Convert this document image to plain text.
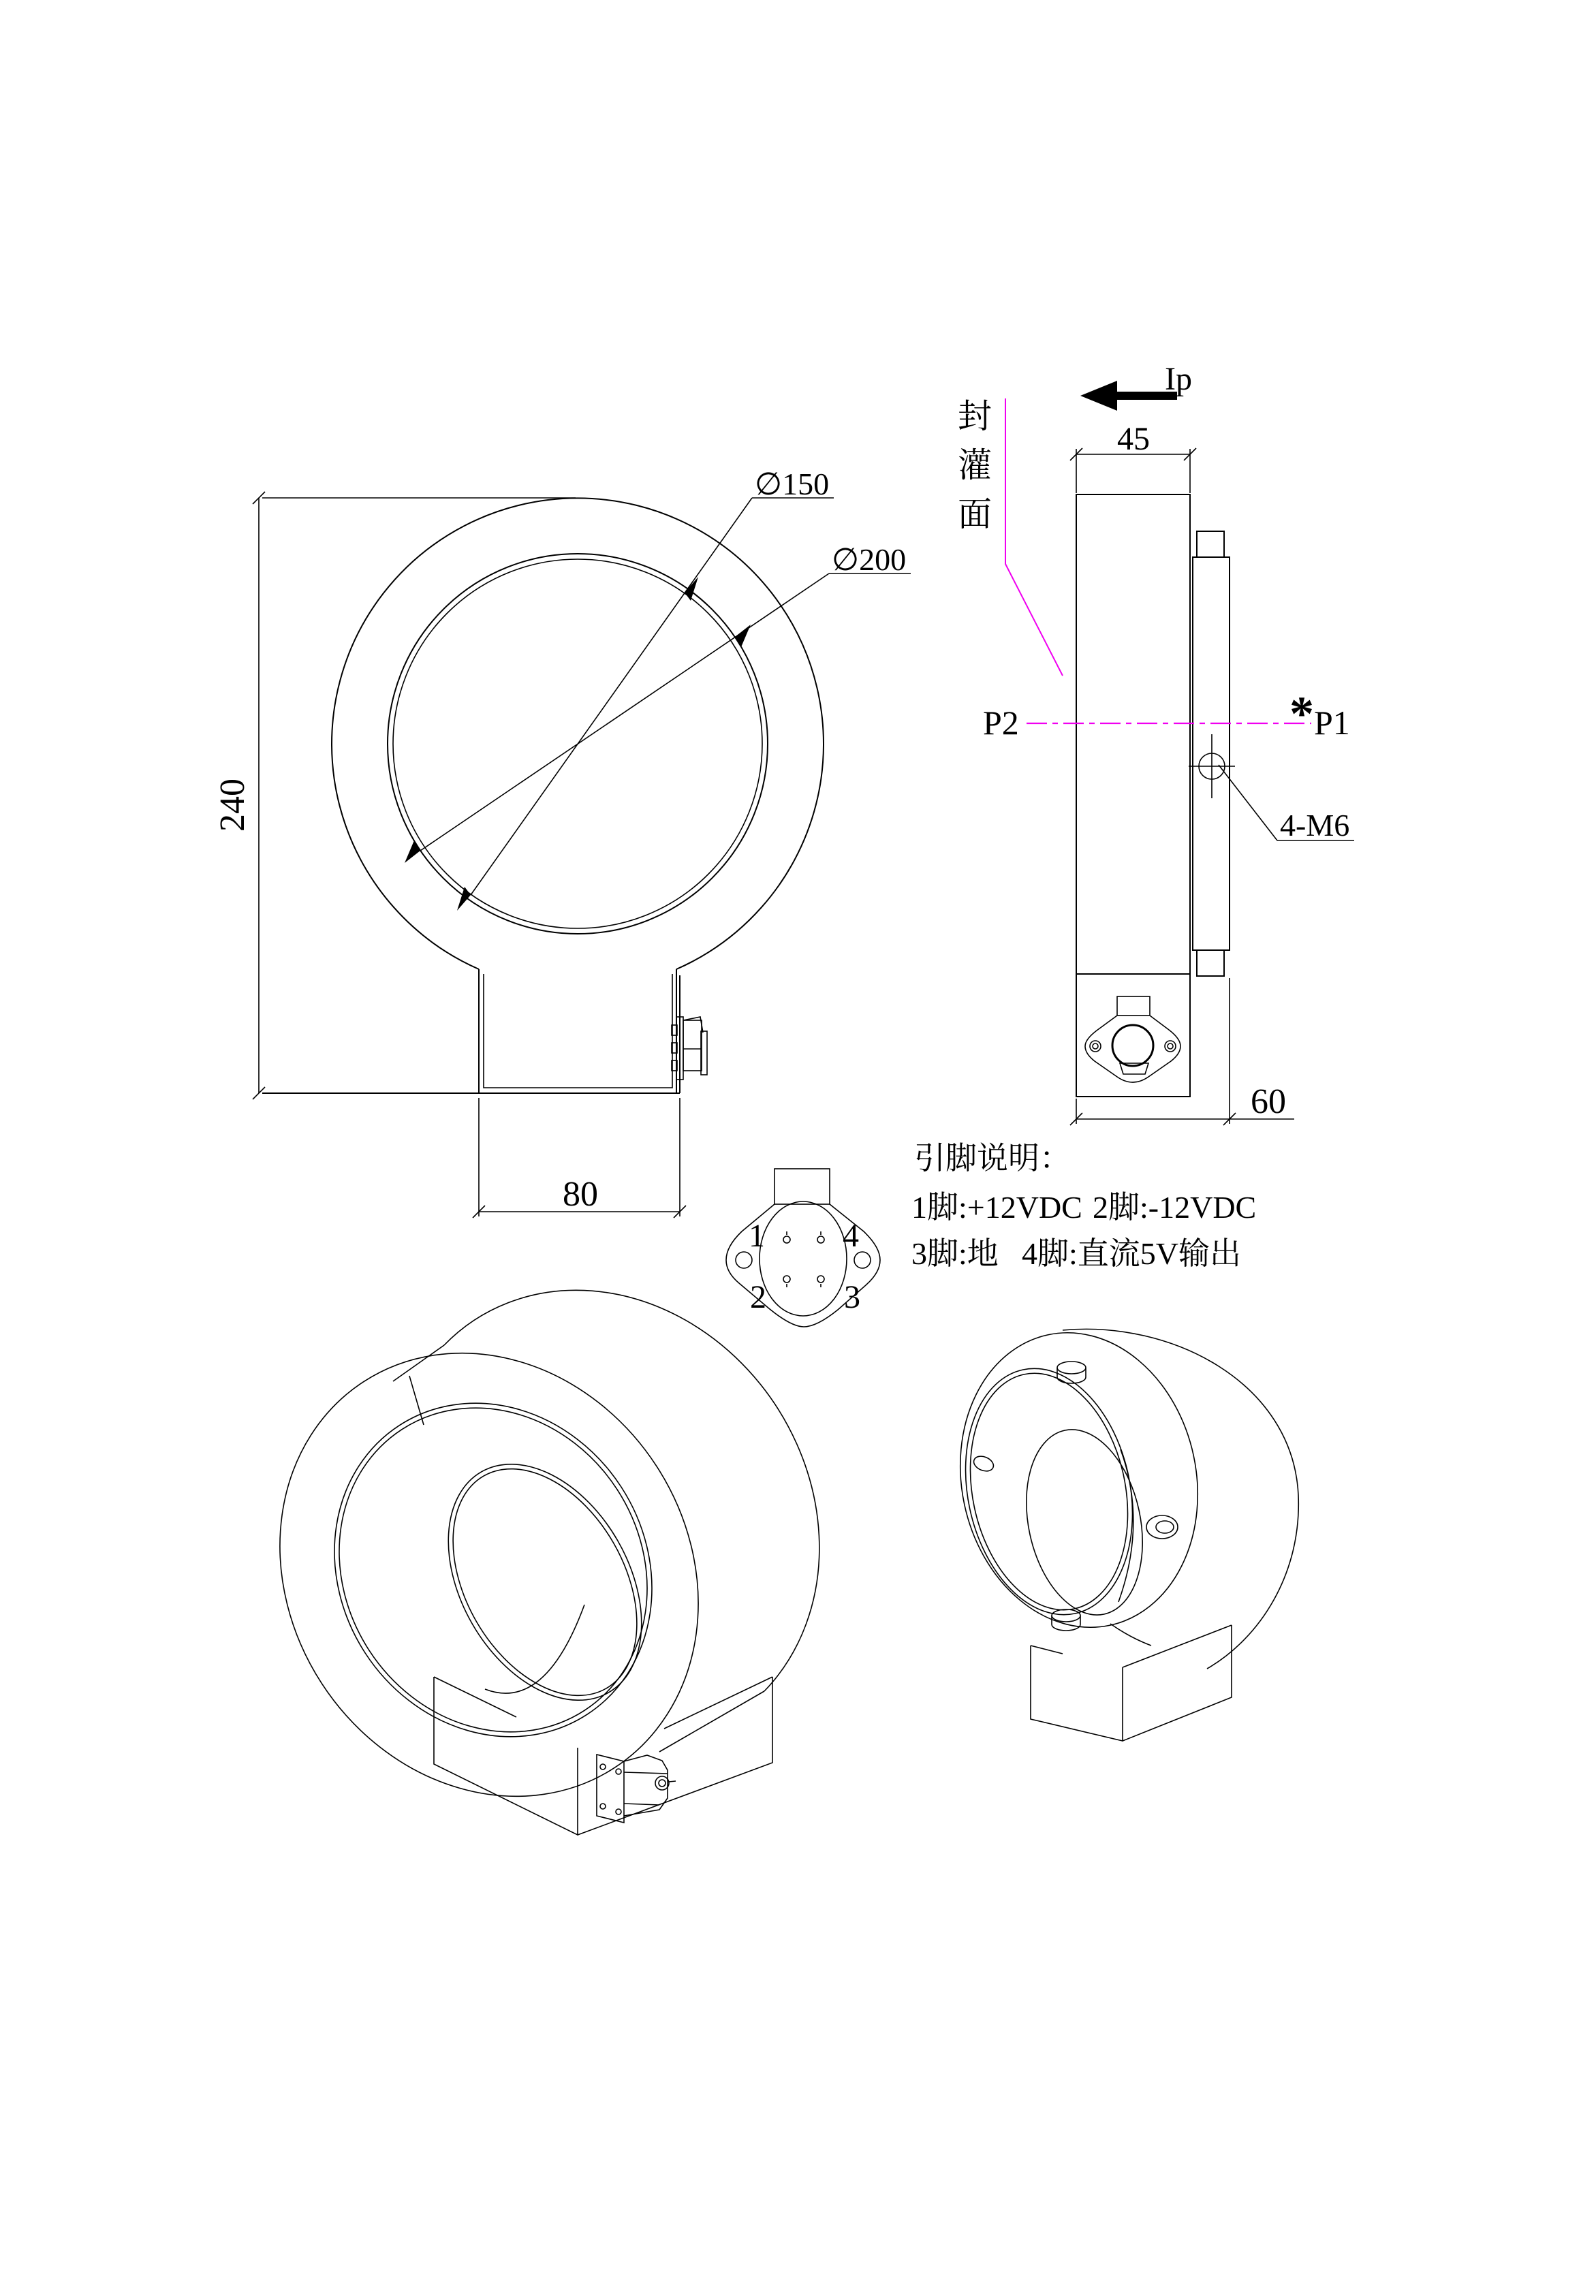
240
80
∅150
∅200
P2	P1
*
4-M6
45
60
Ip
封
灌
面
1 4
2 3
引脚说明：
1脚:+12VDC 2脚:-12VDC
3脚:地 4脚:直流5V输出
